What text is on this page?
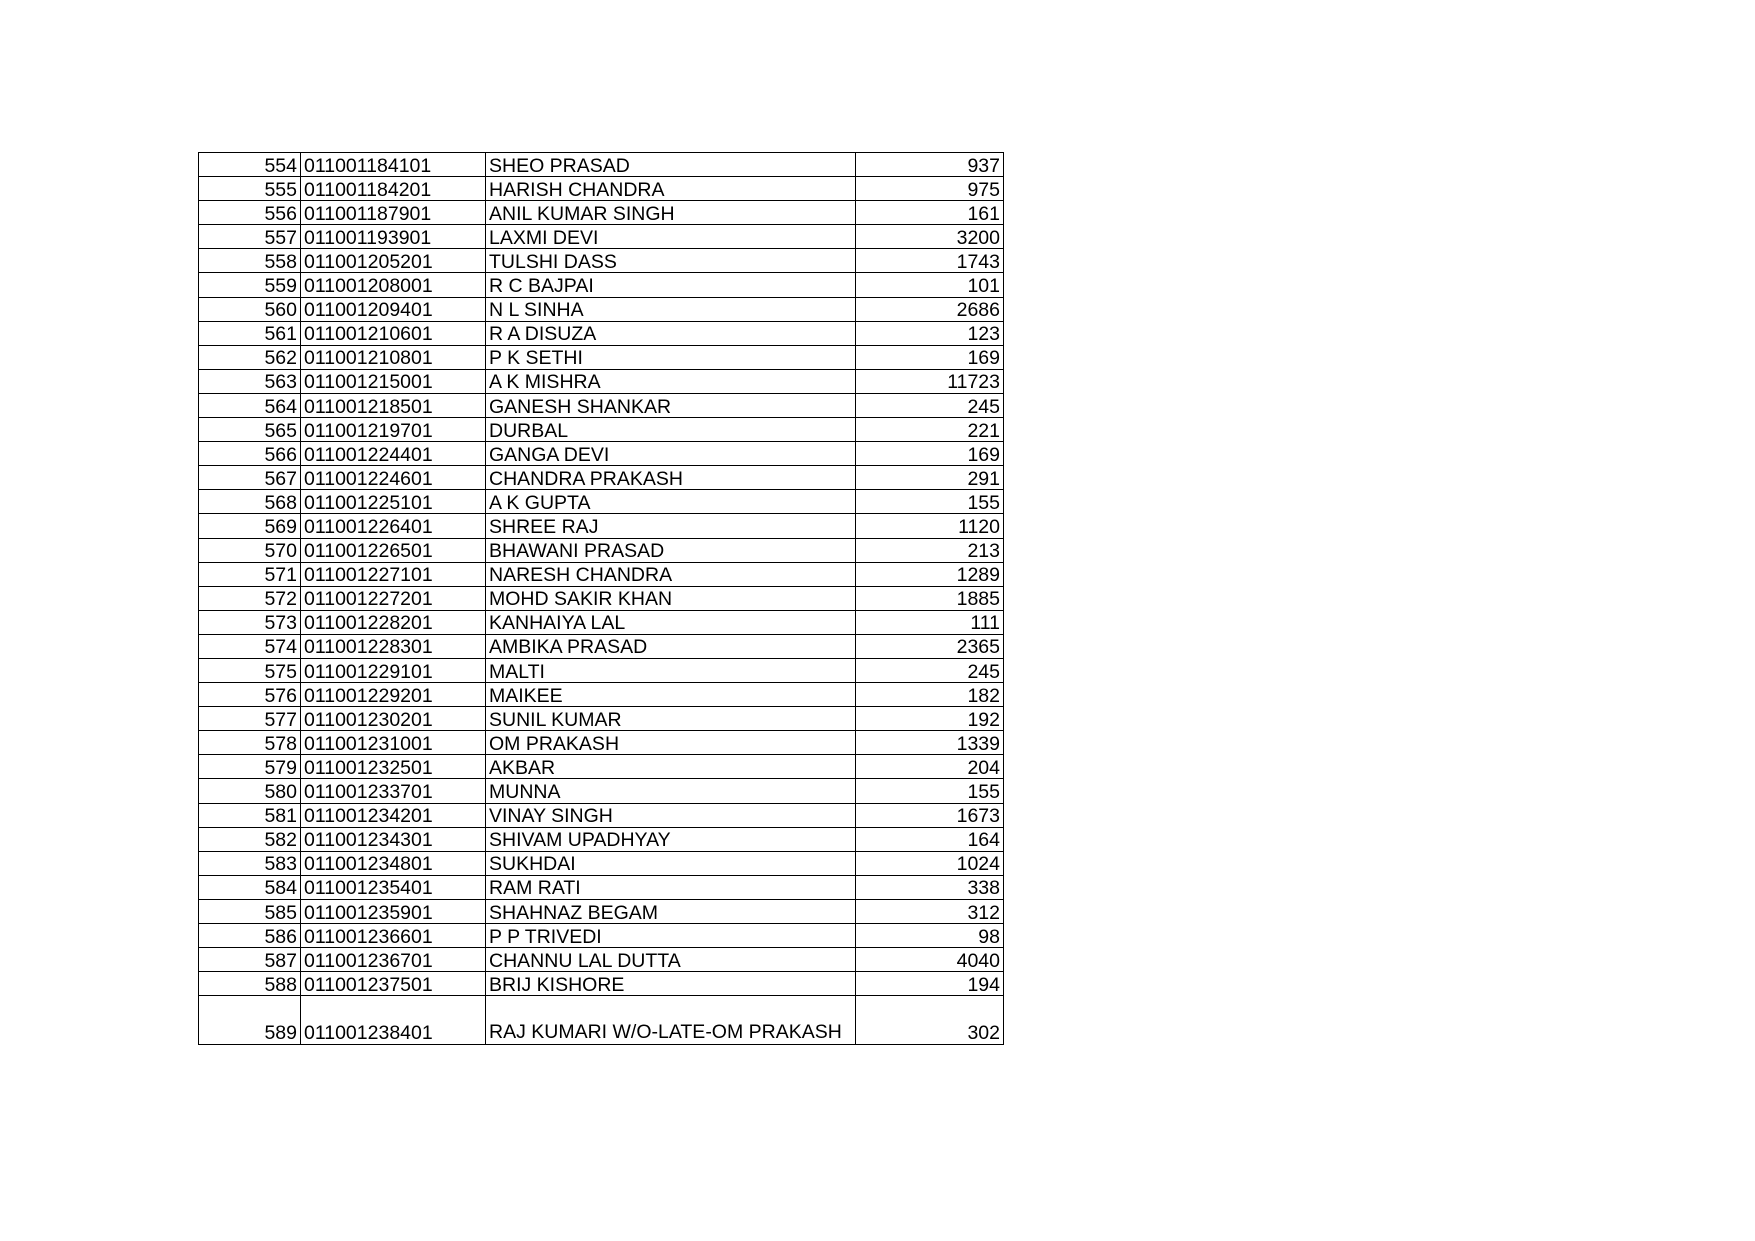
554	011001184101	SHEO PRASAD	937
555	011001184201	HARISH CHANDRA	975
556	011001187901	ANIL KUMAR SINGH	161
557	011001193901	LAXMI DEVI	3200
558	011001205201	TULSHI DASS	1743
559	011001208001	R C BAJPAI	101
560	011001209401	N L SINHA	2686
561	011001210601	R A DISUZA	123
562	011001210801	P K SETHI	169
563	011001215001	A K MISHRA	11723
564	011001218501	GANESH SHANKAR	245
565	011001219701	DURBAL	221
566	011001224401	GANGA DEVI	169
567	011001224601	CHANDRA PRAKASH	291
568	011001225101	A K GUPTA	155
569	011001226401	SHREE RAJ	1120
570	011001226501	BHAWANI PRASAD	213
571	011001227101	NARESH CHANDRA	1289
572	011001227201	MOHD SAKIR KHAN	1885
573	011001228201	KANHAIYA LAL	111
574	011001228301	AMBIKA PRASAD	2365
575	011001229101	MALTI	245
576	011001229201	MAIKEE	182
577	011001230201	SUNIL KUMAR	192
578	011001231001	OM PRAKASH	1339
579	011001232501	AKBAR	204
580	011001233701	MUNNA	155
581	011001234201	VINAY SINGH	1673
582	011001234301	SHIVAM UPADHYAY	164
583	011001234801	SUKHDAI	1024
584	011001235401	RAM RATI	338
585	011001235901	SHAHNAZ BEGAM	312
586	011001236601	P P TRIVEDI	98
587	011001236701	CHANNU LAL DUTTA	4040
588	011001237501	BRIJ KISHORE	194
589	011001238401	RAJ KUMARI W/O-LATE-OM PRAKASH	302
